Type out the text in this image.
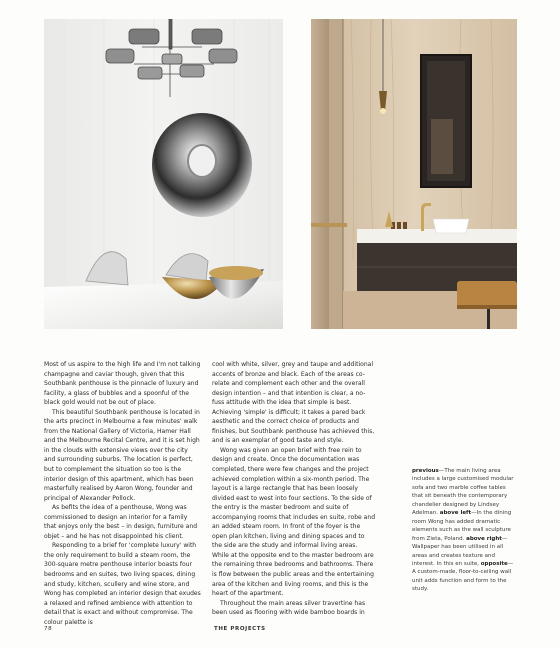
Most of us aspire to the high life and I'm not talking champagne and caviar though, given that this Southbank penthouse is the pinnacle of luxury and facility, a glass of bubbles and a spoonful of the black gold would not be out of place.

This beautiful Southbank penthouse is located in the arts precinct in Melbourne a few minutes' walk from the National Gallery of Victoria, Hamer Hall and the Melbourne Recital Centre, and it is set high in the clouds with extensive views over the city and surrounding suburbs. The location is perfect, but to complement the situation so too is the interior design of this apartment, which has been masterfully realised by Aaron Wong, founder and principal of Alexander Pollock.

As befits the idea of a penthouse, Wong was commissioned to design an interior for a family that enjoys only the best – in design, furniture and objet – and he has not disappointed his client.

Responding to a brief for 'complete luxury' with the only requirement to build a steam room, the 300-square metre penthouse interior boasts four bedrooms and en suites, two living spaces, dining and study, kitchen, scullery and wine store, and Wong has completed an interior design that exudes a relaxed and refined ambience with attention to detail that is exact and without compromise. The colour palette is

cool with white, silver, grey and taupe and additional accents of bronze and black. Each of the areas co-relate and complement each other and the overall design intention – and that intention is clear, a no-fuss attitude with the idea that simple is best. Achieving 'simple' is difficult; it takes a pared back aesthetic and the correct choice of products and finishes, but Southbank penthouse has achieved this, and is an exemplar of good taste and style.

Wong was given an open brief with free rein to design and create. Once the documentation was completed, there were few changes and the project achieved completion within a six-month period. The layout is a large rectangle that has been loosely divided east to west into four sections. To the side of the entry is the master bedroom and suite of accompanying rooms that includes en suite, robe and an added steam room. In front of the foyer is the open plan kitchen, living and dining spaces and to the side are the study and informal living areas. While at the opposite end to the master bedroom are the remaining three bedrooms and bathrooms. There is flow between the public areas and the entertaining area of the kitchen and living rooms, and this is the heart of the apartment.

Throughout the main areas silver travertine has been used as flooring with wide bamboo boards in

previous—The main living area includes a large customised modular sofa and two marble coffee tables that sit beneath the contemporary chandelier designed by Lindsey Adelman. above left—In the dining room Wong has added dramatic elements such as the wall sculpture from Zieta, Poland. above right—Wallpaper has been utilised in all areas and creates texture and interest. In this en suite, opposite—A custom-made, floor-to-ceiling wall unit adds function and form to the study.
78	THE PROJECTS
